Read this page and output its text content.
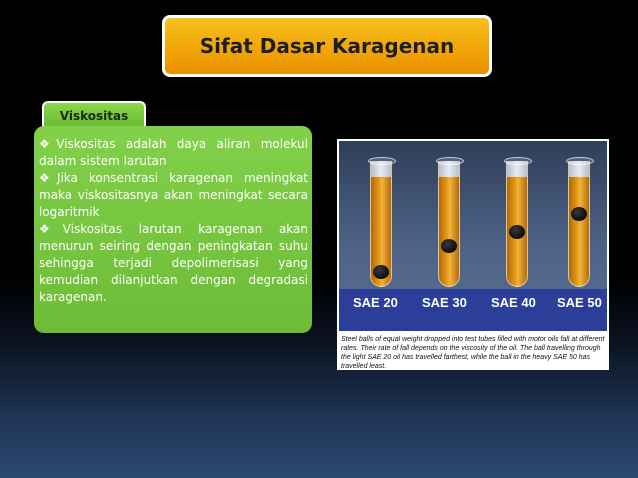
Sifat Dasar Karagenan
Viskositas

❖Viskositas adalah daya aliran molekul dalam sistem larutan

❖Jika konsentrasi karagenan meningkat maka viskositasnya akan meningkat secara logaritmik

❖Viskositas larutan karagenan akan menurun seiring dengan peningkatan suhu sehingga terjadi depolimerisasi yang kemudian dilanjutkan dengan degradasi karagenan.	SAE 20 SAE 30 SAE 40 SAE 50
Steel balls of equal weight dropped into test tubes filled with motor oils fall at different rates. Their rate of fall depends on the viscosity of the oil. The ball travelling through the light SAE 20 oil has travelled farthest, while the ball in the heavy SAE 50 has travelled least.
